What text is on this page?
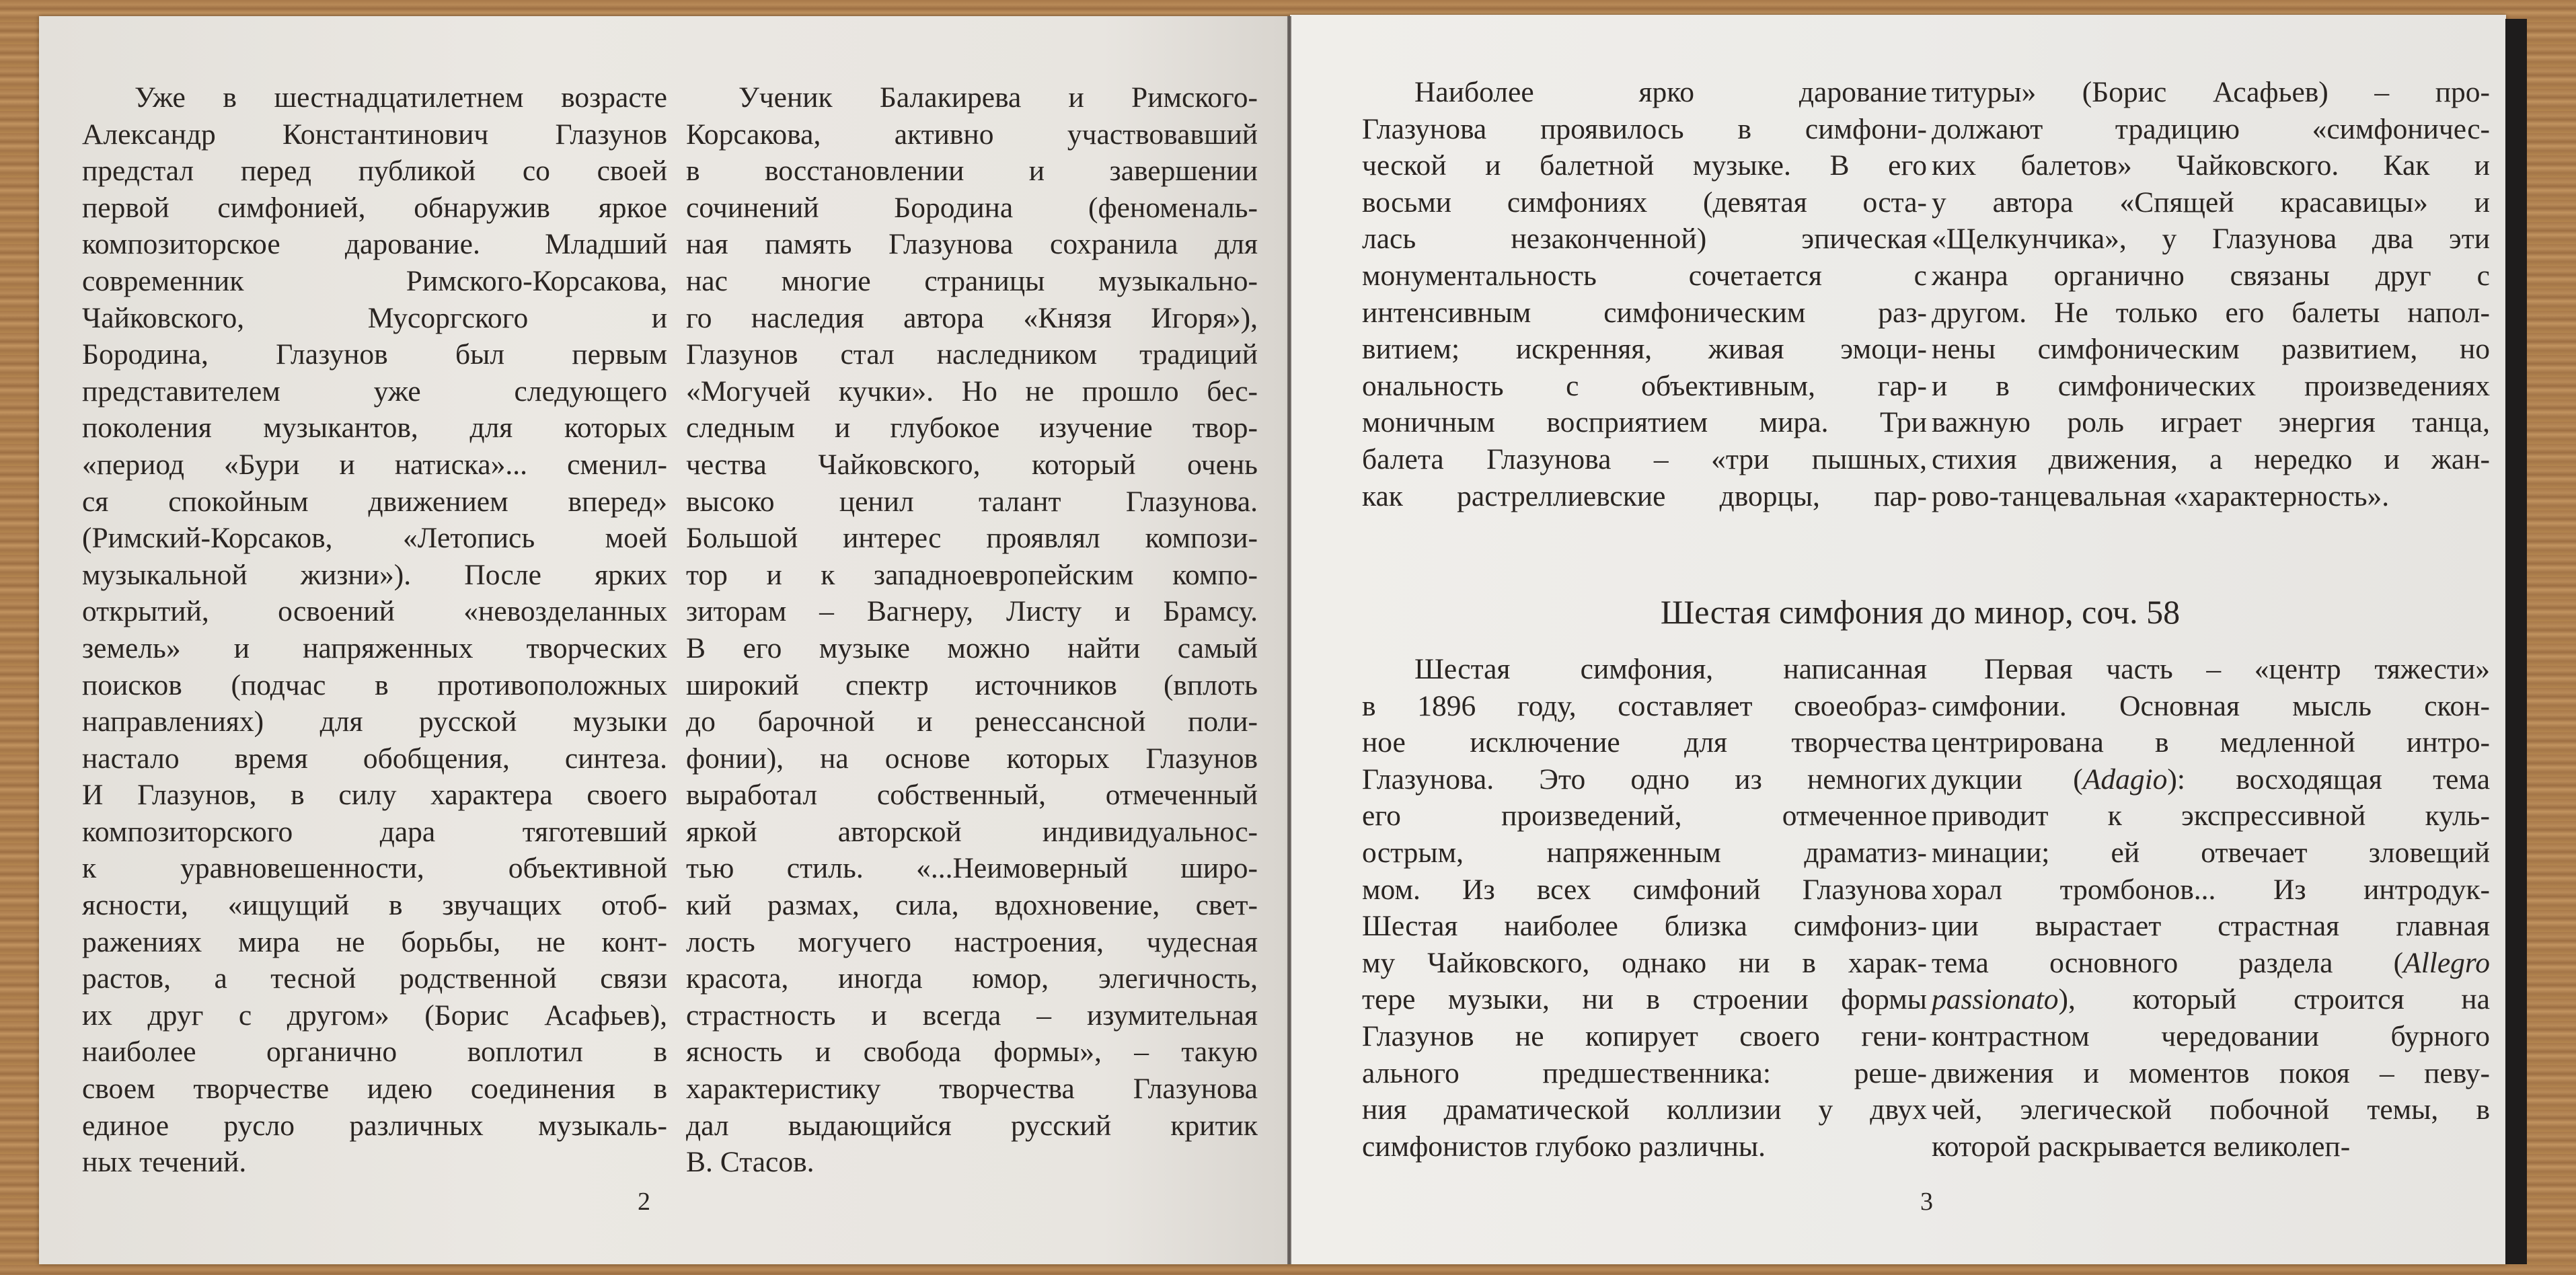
Уже в шестнадцатилетнем возрасте
Александр Константинович Глазунов
предстал перед публикой со своей
первой симфонией, обнаружив яркое
композиторское дарование. Младший
современник Римского-Корсакова,
Чайковского, Мусоргского и
Бородина, Глазунов был первым
представителем уже следующего
поколения музыкантов, для которых
«период «Бури и натиска»... сменил-
ся спокойным движением вперед»
(Римский-Корсаков, «Летопись моей
музыкальной жизни»). После ярких
открытий, освоений «невозделанных
земель» и напряженных творческих
поисков (подчас в противоположных
направлениях) для русской музыки
настало время обобщения, синтеза.
И Глазунов, в силу характера своего
композиторского дара тяготевший
к уравновешенности, объективной
ясности, «ищущий в звучащих отоб-
ражениях мира не борьбы, не конт-
растов, а тесной родственной связи
их друг с другом» (Борис Асафьев),
наиболее органично воплотил в
своем творчестве идею соединения в
единое русло различных музыкаль-
ных течений.
Ученик Балакирева и Римского-
Корсакова, активно участвовавший
в восстановлении и завершении
сочинений Бородина (феноменаль-
ная память Глазунова сохранила для
нас многие страницы музыкально-
го наследия автора «Князя Игоря»),
Глазунов стал наследником традиций
«Могучей кучки». Но не прошло бес-
следным и глубокое изучение твор-
чества Чайковского, который очень
высоко ценил талант Глазунова.
Большой интерес проявлял компози-
тор и к западноевропейским компо-
зиторам – Вагнеру, Листу и Брамсу.
В его музыке можно найти самый
широкий спектр источников (вплоть
до барочной и ренессансной поли-
фонии), на основе которых Глазунов
выработал собственный, отмеченный
яркой авторской индивидуальнос-
тью стиль. «...Неимоверный широ-
кий размах, сила, вдохновение, свет-
лость могучего настроения, чудесная
красота, иногда юмор, элегичность,
страстность и всегда – изумительная
ясность и свобода формы», – такую
характеристику творчества Глазунова
дал выдающийся русский критик
В. Стасов.
2
Наиболее ярко дарование
Глазунова проявилось в симфони-
ческой и балетной музыке. В его
восьми симфониях (девятая оста-
лась незаконченной) эпическая
монументальность сочетается с
интенсивным симфоническим раз-
витием; искренняя, живая эмоци-
ональность с объективным, гар-
моничным восприятием мира. Три
балета Глазунова – «три пышных,
как растреллиевские дворцы, пар-
титуры» (Борис Асафьев) – про-
должают традицию «симфоничес-
ких балетов» Чайковского. Как и
у автора «Спящей красавицы» и
«Щелкунчика», у Глазунова два эти
жанра органично связаны друг с
другом. Не только его балеты напол-
нены симфоническим развитием, но
и в симфонических произведениях
важную роль играет энергия танца,
стихия движения, а нередко и жан-
рово-танцевальная «характерность».
Шестая симфония до минор, соч. 58
Шестая симфония, написанная
в 1896 году, составляет своеобраз-
ное исключение для творчества
Глазунова. Это одно из немногих
его произведений, отмеченное
острым, напряженным драматиз-
мом. Из всех симфоний Глазунова
Шестая наиболее близка симфониз-
му Чайковского, однако ни в харак-
тере музыки, ни в строении формы
Глазунов не копирует своего гени-
ального предшественника: реше-
ния драматической коллизии у двух
симфонистов глубоко различны.
Первая часть – «центр тяжести»
симфонии. Основная мысль скон-
центрирована в медленной интро-
дукции (Adagio): восходящая тема
приводит к экспрессивной куль-
минации; ей отвечает зловещий
хорал тромбонов... Из интродук-
ции вырастает страстная главная
тема основного раздела (Allegro
passionato), который строится на
контрастном чередовании бурного
движения и моментов покоя – певу-
чей, элегической побочной темы, в
которой раскрывается великолеп-
3
